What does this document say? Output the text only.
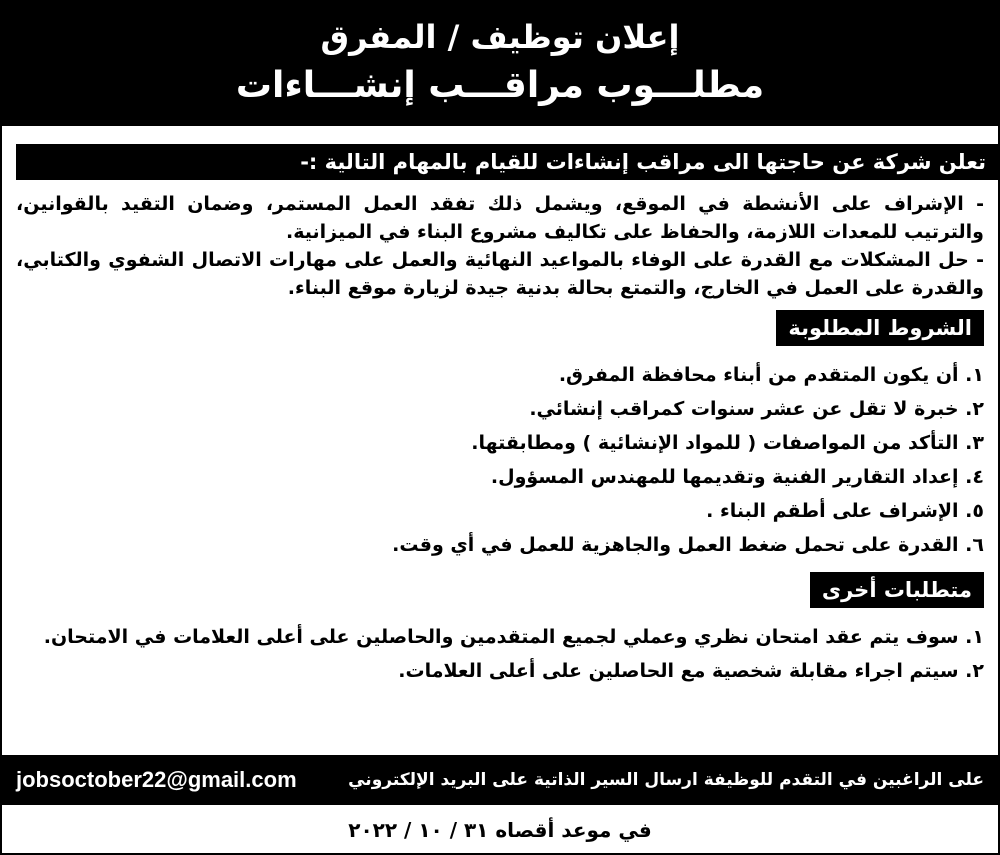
إعلان توظيف / المفرق
مطلـــوب مراقـــب إنشـــاءات
تعلن شركة عن حاجتها الى مراقب إنشاءات للقيام بالمهام التالية :-

- الإشراف على الأنشطة في الموقع، ويشمل ذلك تفقد العمل المستمر، وضمان التقيد بالقوانين، والترتيب للمعدات اللازمة، والحفاظ على تكاليف مشروع البناء في الميزانية.

- حل المشكلات مع القدرة على الوفاء بالمواعيد النهائية والعمل على مهارات الاتصال الشفوي والكتابي، والقدرة على العمل في الخارج، والتمتع بحالة بدنية جيدة لزيارة موقع البناء.

الشروط المطلوبة
١. أن يكون المتقدم من أبناء محافظة المفرق.
٢. خبرة لا تقل عن عشر سنوات كمراقب إنشائي.
٣. التأكد من المواصفات ( للمواد الإنشائية ) ومطابقتها.
٤. إعداد التقارير الفنية وتقديمها للمهندس المسؤول.
٥. الإشراف على أطقم البناء .
٦. القدرة على تحمل ضغط العمل والجاهزية للعمل في أي وقت.
متطلبات أخرى
١. سوف يتم عقد امتحان نظري وعملي لجميع المتقدمين والحاصلين على أعلى العلامات في الامتحان.
٢. سيتم اجراء مقابلة شخصية مع الحاصلين على أعلى العلامات.
على الراغبين في التقدم للوظيفة ارسال السير الذاتية على البريد الإلكتروني
jobsoctober22@gmail.com
في موعد أقصاه ٣١ / ١٠ / ٢٠٢٢
